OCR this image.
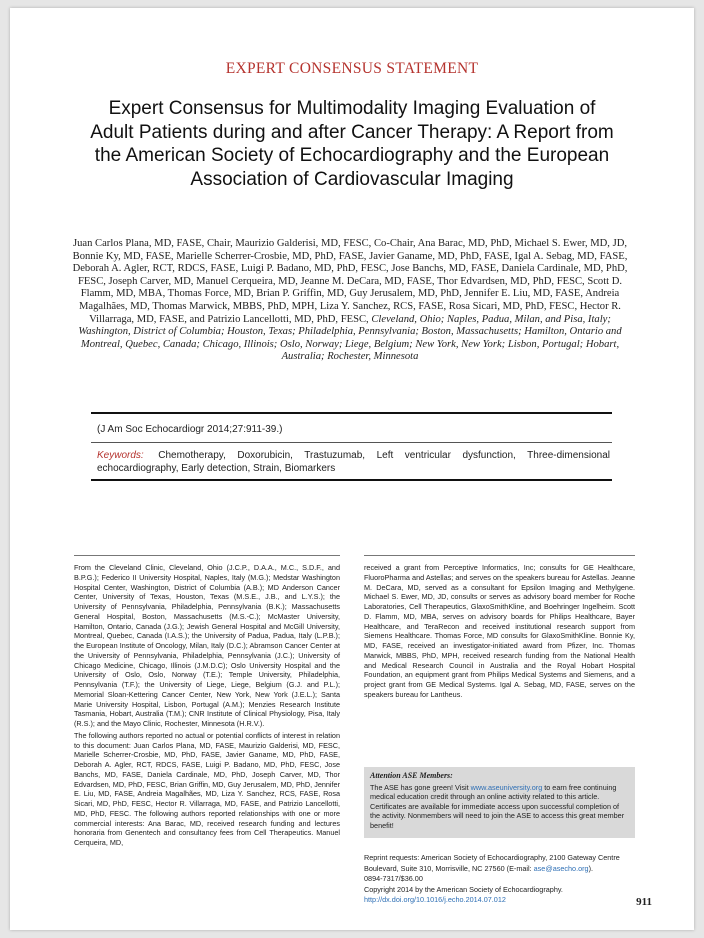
EXPERT CONSENSUS STATEMENT
Expert Consensus for Multimodality Imaging Evaluation of Adult Patients during and after Cancer Therapy: A Report from the American Society of Echocardiography and the European Association of Cardiovascular Imaging
Juan Carlos Plana, MD, FASE, Chair, Maurizio Galderisi, MD, FESC, Co-Chair, Ana Barac, MD, PhD, Michael S. Ewer, MD, JD, Bonnie Ky, MD, FASE, Marielle Scherrer-Crosbie, MD, PhD, FASE, Javier Ganame, MD, PhD, FASE, Igal A. Sebag, MD, FASE, Deborah A. Agler, RCT, RDCS, FASE, Luigi P. Badano, MD, PhD, FESC, Jose Banchs, MD, FASE, Daniela Cardinale, MD, PhD, FESC, Joseph Carver, MD, Manuel Cerqueira, MD, Jeanne M. DeCara, MD, FASE, Thor Edvardsen, MD, PhD, FESC, Scott D. Flamm, MD, MBA, Thomas Force, MD, Brian P. Griffin, MD, Guy Jerusalem, MD, PhD, Jennifer E. Liu, MD, FASE, Andreia Magalhães, MD, Thomas Marwick, MBBS, PhD, MPH, Liza Y. Sanchez, RCS, FASE, Rosa Sicari, MD, PhD, FESC, Hector R. Villarraga, MD, FASE, and Patrizio Lancellotti, MD, PhD, FESC, Cleveland, Ohio; Naples, Padua, Milan, and Pisa, Italy; Washington, District of Columbia; Houston, Texas; Philadelphia, Pennsylvania; Boston, Massachusetts; Hamilton, Ontario and Montreal, Quebec, Canada; Chicago, Illinois; Oslo, Norway; Liege, Belgium; New York, New York; Lisbon, Portugal; Hobart, Australia; Rochester, Minnesota
(J Am Soc Echocardiogr 2014;27:911-39.)
Keywords: Chemotherapy, Doxorubicin, Trastuzumab, Left ventricular dysfunction, Three-dimensional echocardiography, Early detection, Strain, Biomarkers

From the Cleveland Clinic, Cleveland, Ohio (J.C.P., D.A.A., M.C., S.D.F., and B.P.G.); Federico II University Hospital, Naples, Italy (M.G.); Medstar Washington Hospital Center, Washington, District of Columbia (A.B.); MD Anderson Cancer Center, University of Texas, Houston, Texas (M.S.E., J.B., and L.Y.S.); the University of Pennsylvania, Philadelphia, Pennsylvania (B.K.); Massachusetts General Hospital, Boston, Massachusetts (M.S.-C.); McMaster University, Hamilton, Ontario, Canada (J.G.); Jewish General Hospital and McGill University, Montreal, Quebec, Canada (I.A.S.); the University of Padua, Padua, Italy (L.P.B.); the European Institute of Oncology, Milan, Italy (D.C.); Abramson Cancer Center at the University of Pennsylvania, Philadelphia, Pennsylvania (J.C.); University of Chicago Medicine, Chicago, Illinois (J.M.D.C); Oslo University Hospital and the University of Oslo, Oslo, Norway (T.E.); Temple University, Philadelphia, Pennsylvania (T.F.); the University of Liege, Liege, Belgium (G.J. and P.L.); Memorial Sloan-Kettering Cancer Center, New York, New York (J.E.L.); Santa Marie University Hospital, Lisbon, Portugal (A.M.); Menzies Research Institute Tasmania, Hobart, Australia (T.M.); CNR Institute of Clinical Physiology, Pisa, Italy (R.S.); and the Mayo Clinic, Rochester, Minnesota (H.R.V.).

The following authors reported no actual or potential conflicts of interest in relation to this document: Juan Carlos Plana, MD, FASE, Maurizio Galderisi, MD, FESC, Marielle Scherrer-Crosbie, MD, PhD, FASE, Javier Ganame, MD, PhD, FASE, Deborah A. Agler, RCT, RDCS, FASE, Luigi P. Badano, MD, PhD, FESC, Jose Banchs, MD, FASE, Daniela Cardinale, MD, PhD, Joseph Carver, MD, Thor Edvardsen, MD, PhD, FESC, Brian Griffin, MD, Guy Jerusalem, MD, PhD, Jennifer E. Liu, MD, FASE, Andreia Magalhães, MD, Liza Y. Sanchez, RCS, FASE, Rosa Sicari, MD, PhD, FESC, Hector R. Villarraga, MD, FASE, and Patrizio Lancellotti, MD, PhD, FESC. The following authors reported relationships with one or more commercial interests: Ana Barac, MD, received research funding and lectures honoraria from Genentech and consultancy fees from Cell Therapeutics. Manuel Cerqueira, MD,

received a grant from Perceptive Informatics, Inc; consults for GE Healthcare, FluoroPharma and Astellas; and serves on the speakers bureau for Astellas. Jeanne M. DeCara, MD, served as a consultant for Epsilon Imaging and Methylgene. Michael S. Ewer, MD, JD, consults or serves as advisory board member for Roche Laboratories, Cell Therapeutics, GlaxoSmithKline, and Boehringer Ingelheim. Scott D. Flamm, MD, MBA, serves on advisory boards for Philips Healthcare, Bayer Healthcare, and TeraRecon and received institutional research support from Siemens Healthcare. Thomas Force, MD consults for GlaxoSmithKline. Bonnie Ky, MD, FASE, received an investigator-initiated award from Pfizer, Inc. Thomas Marwick, MBBS, PhD, MPH, received research funding from the National Health and Medical Research Council in Australia and the Royal Hobart Hospital Foundation, an equipment grant from Philips Medical Systems and Siemens, and a project grant from GE Medical Systems. Igal A. Sebag, MD, FASE, serves on the speakers bureau for Lantheus.

Attention ASE Members:
The ASE has gone green! Visit www.aseuniversity.org to earn free continuing medical education credit through an online activity related to this article. Certificates are available for immediate access upon successful completion of the activity. Nonmembers will need to join the ASE to access this great member benefit!
Reprint requests: American Society of Echocardiography, 2100 Gateway Centre Boulevard, Suite 310, Morrisville, NC 27560 (E-mail: ase@asecho.org).
0894-7317/$36.00
Copyright 2014 by the American Society of Echocardiography.
http://dx.doi.org/10.1016/j.echo.2014.07.012	911
